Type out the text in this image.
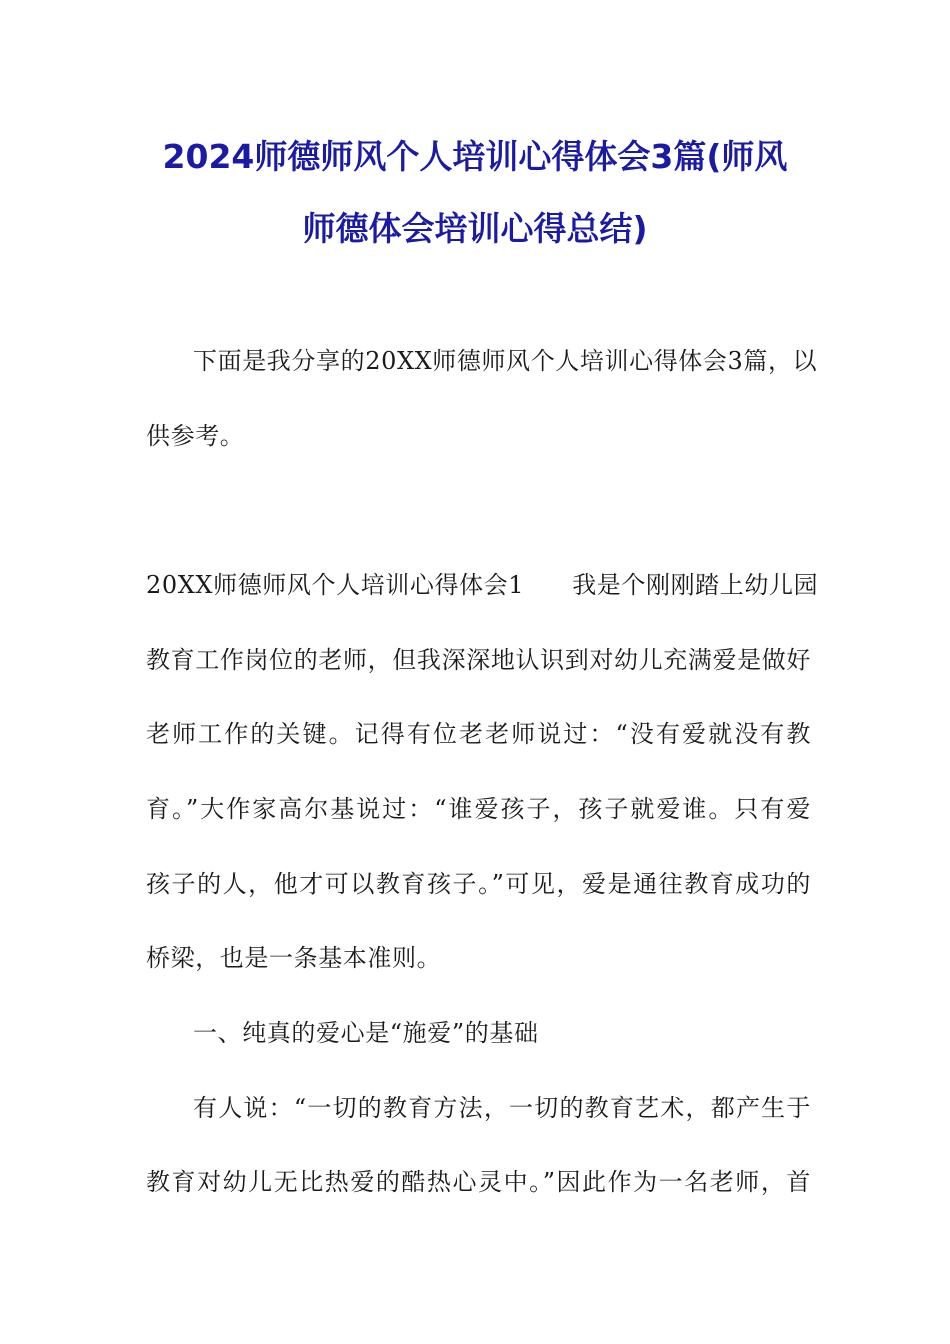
2024师德师风个人培训心得体会3篇(师风
师德体会培训心得总结)

下面是我分享的20XX师德师风个人培训心得体会3篇，以

供参考。

20XX师德师风个人培训心得体会1 我是个刚刚踏上幼儿园

教育工作岗位的老师，但我深深地认识到对幼儿充满爱是做好

老师工作的关键。记得有位老老师说过：“没有爱就没有教

育。”大作家高尔基说过：“谁爱孩子，孩子就爱谁。只有爱

孩子的人，他才可以教育孩子。”可见，爱是通往教育成功的

桥梁，也是一条基本准则。

一、纯真的爱心是“施爱”的基础

有人说：“一切的教育方法，一切的教育艺术，都产生于

教育对幼儿无比热爱的酷热心灵中。”因此作为一名老师，首
